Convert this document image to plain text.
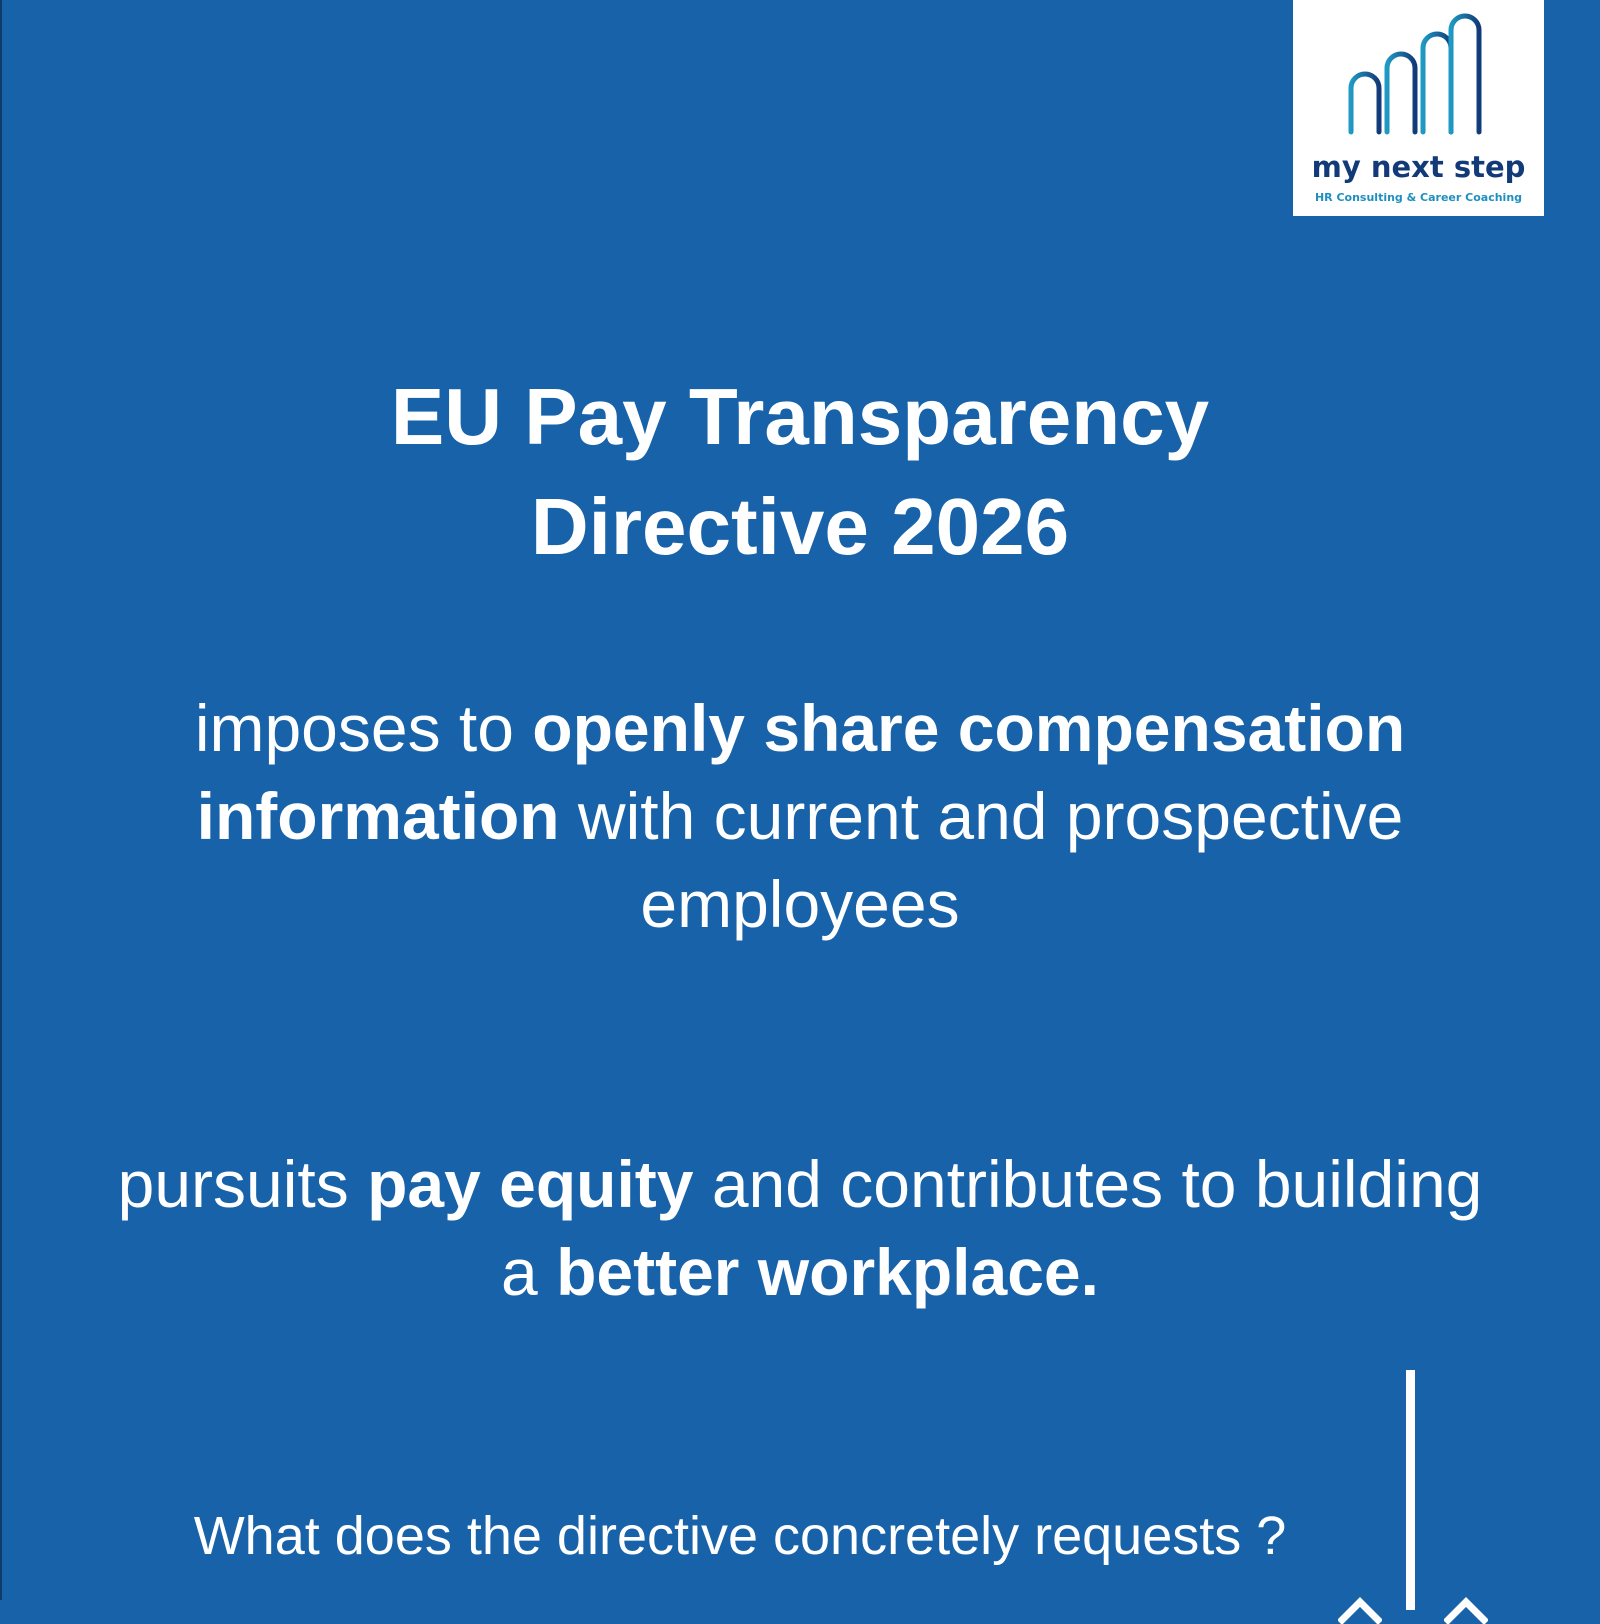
my next step
HR Consulting & Career Coaching
EU Pay Transparency
Directive 2026

imposes to openly share compensation information with current and prospective employees

pursuits pay equity and contributes to building a better workplace.

What does the directive concretely requests ?
